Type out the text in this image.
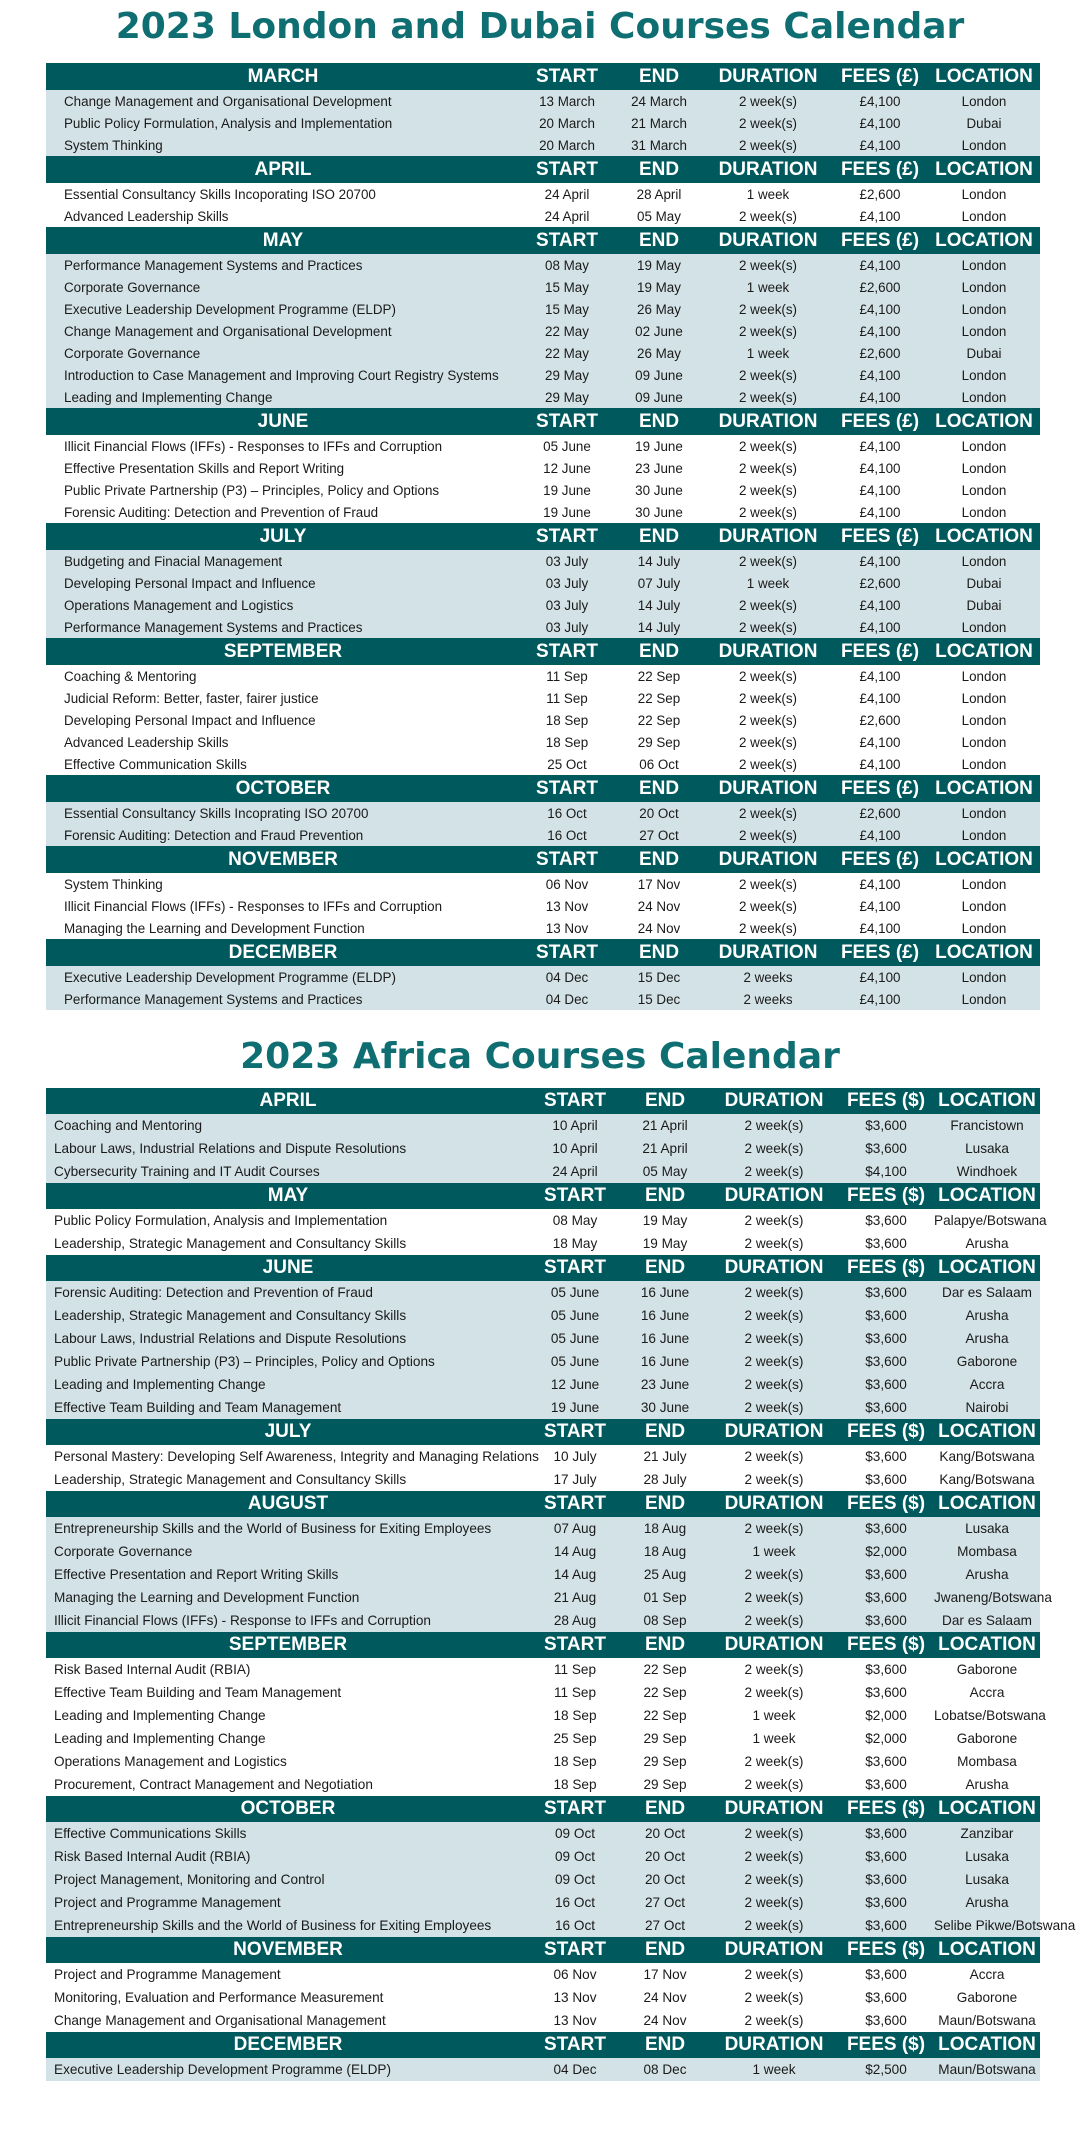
2023 London and Dubai Courses Calendar
MARCH	START	END	DURATION	FEES (£) LOCATION
Change Management and Organisational Development	13 March	24 March	2 week(s)	£4,100	London
Public Policy Formulation, Analysis and Implementation	20 March	21 March	2 week(s)	£4,100	Dubai
System Thinking	20 March	31 March	2 week(s)	£4,100	London
APRIL	START	END	DURATION	FEES (£) LOCATION
Essential Consultancy Skills Incoporating ISO 20700	24 April	28 April	1 week	£2,600	London
Advanced Leadership Skills	24 April	05 May	2 week(s)	£4,100	London
MAY	START	END	DURATION	FEES (£) LOCATION
Performance Management Systems and Practices	08 May	19 May	2 week(s)	£4,100	London
Corporate Governance	15 May	19 May	1 week	£2,600	London
Executive Leadership Development Programme (ELDP)	15 May	26 May	2 week(s)	£4,100	London
Change Management and Organisational Development	22 May	02 June	2 week(s)	£4,100	London
Corporate Governance	22 May	26 May	1 week	£2,600	Dubai
Introduction to Case Management and Improving Court Registry Systems	29 May	09 June	2 week(s)	£4,100	London
Leading and Implementing Change	29 May	09 June	2 week(s)	£4,100	London
JUNE	START	END	DURATION	FEES (£) LOCATION
Illicit Financial Flows (IFFs) - Responses to IFFs and Corruption	05 June	19 June	2 week(s)	£4,100	London
Effective Presentation Skills and Report Writing	12 June	23 June	2 week(s)	£4,100	London
Public Private Partnership (P3) – Principles, Policy and Options	19 June	30 June	2 week(s)	£4,100	London
Forensic Auditing: Detection and Prevention of Fraud	19 June	30 June	2 week(s)	£4,100	London
JULY	START	END	DURATION	FEES (£) LOCATION
Budgeting and Finacial Management	03 July	14 July	2 week(s)	£4,100	London
Developing Personal Impact and Influence	03 July	07 July	1 week	£2,600	Dubai
Operations Management and Logistics	03 July	14 July	2 week(s)	£4,100	Dubai
Performance Management Systems and Practices	03 July	14 July	2 week(s)	£4,100	London
SEPTEMBER	START	END	DURATION	FEES (£) LOCATION
Coaching & Mentoring	11 Sep	22 Sep	2 week(s)	£4,100	London
Judicial Reform: Better, faster, fairer justice	11 Sep	22 Sep	2 week(s)	£4,100	London
Developing Personal Impact and Influence	18 Sep	22 Sep	2 week(s)	£2,600	London
Advanced Leadership Skills	18 Sep	29 Sep	2 week(s)	£4,100	London
Effective Communication Skills	25 Oct	06 Oct	2 week(s)	£4,100	London
OCTOBER	START	END	DURATION	FEES (£) LOCATION
Essential Consultancy Skills Incoprating ISO 20700	16 Oct	20 Oct	2 week(s)	£2,600	London
Forensic Auditing: Detection and Fraud Prevention	16 Oct	27 Oct	2 week(s)	£4,100	London
NOVEMBER	START	END	DURATION	FEES (£) LOCATION
System Thinking	06 Nov	17 Nov	2 week(s)	£4,100	London
Illicit Financial Flows (IFFs) - Responses to IFFs and Corruption	13 Nov	24 Nov	2 week(s)	£4,100	London
Managing the Learning and Development Function	13 Nov	24 Nov	2 week(s)	£4,100	London
DECEMBER	START	END	DURATION	FEES (£) LOCATION
Executive Leadership Development Programme (ELDP)	04 Dec	15 Dec	2 weeks	£4,100	London
Performance Management Systems and Practices	04 Dec	15 Dec	2 weeks	£4,100	London
2023 Africa Courses Calendar
APRIL	START	END	DURATION	FEES ($) LOCATION
Coaching and Mentoring	10 April	21 April	2 week(s)	$3,600	Francistown
Labour Laws, Industrial Relations and Dispute Resolutions	10 April	21 April	2 week(s)	$3,600	Lusaka
Cybersecurity Training and IT Audit Courses	24 April	05 May	2 week(s)	$4,100	Windhoek
MAY	START	END	DURATION	FEES ($) LOCATION
Public Policy Formulation, Analysis and Implementation	08 May	19 May	2 week(s)	$3,600	Palapye/Botswana
Leadership, Strategic Management and Consultancy Skills	18 May	19 May	2 week(s)	$3,600	Arusha
JUNE	START	END	DURATION	FEES ($) LOCATION
Forensic Auditing: Detection and Prevention of Fraud	05 June	16 June	2 week(s)	$3,600	Dar es Salaam
Leadership, Strategic Management and Consultancy Skills	05 June	16 June	2 week(s)	$3,600	Arusha
Labour Laws, Industrial Relations and Dispute Resolutions	05 June	16 June	2 week(s)	$3,600	Arusha
Public Private Partnership (P3) – Principles, Policy and Options	05 June	16 June	2 week(s)	$3,600	Gaborone
Leading and Implementing Change	12 June	23 June	2 week(s)	$3,600	Accra
Effective Team Building and Team Management	19 June	30 June	2 week(s)	$3,600	Nairobi
JULY	START	END	DURATION	FEES ($) LOCATION
Personal Mastery: Developing Self Awareness, Integrity and Managing Relations	10 July	21 July	2 week(s)	$3,600	Kang/Botswana
Leadership, Strategic Management and Consultancy Skills	17 July	28 July	2 week(s)	$3,600	Kang/Botswana
AUGUST	START	END	DURATION	FEES ($) LOCATION
Entrepreneurship Skills and the World of Business for Exiting Employees	07 Aug	18 Aug	2 week(s)	$3,600	Lusaka
Corporate Governance	14 Aug	18 Aug	1 week	$2,000	Mombasa
Effective Presentation and Report Writing Skills	14 Aug	25 Aug	2 week(s)	$3,600	Arusha
Managing the Learning and Development Function	21 Aug	01 Sep	2 week(s)	$3,600	Jwaneng/Botswana
Illicit Financial Flows (IFFs) - Response to IFFs and Corruption	28 Aug	08 Sep	2 week(s)	$3,600	Dar es Salaam
SEPTEMBER	START	END	DURATION	FEES ($) LOCATION
Risk Based Internal Audit (RBIA)	11 Sep	22 Sep	2 week(s)	$3,600	Gaborone
Effective Team Building and Team Management	11 Sep	22 Sep	2 week(s)	$3,600	Accra
Leading and Implementing Change	18 Sep	22 Sep	1 week	$2,000	Lobatse/Botswana
Leading and Implementing Change	25 Sep	29 Sep	1 week	$2,000	Gaborone
Operations Management and Logistics	18 Sep	29 Sep	2 week(s)	$3,600	Mombasa
Procurement, Contract Management and Negotiation	18 Sep	29 Sep	2 week(s)	$3,600	Arusha
OCTOBER	START	END	DURATION	FEES ($) LOCATION
Effective Communications Skills	09 Oct	20 Oct	2 week(s)	$3,600	Zanzibar
Risk Based Internal Audit (RBIA)	09 Oct	20 Oct	2 week(s)	$3,600	Lusaka
Project Management, Monitoring and Control	09 Oct	20 Oct	2 week(s)	$3,600	Lusaka
Project and Programme Management	16 Oct	27 Oct	2 week(s)	$3,600	Arusha
Entrepreneurship Skills and the World of Business for Exiting Employees	16 Oct	27 Oct	2 week(s)	$3,600	Selibe Pikwe/Botswana
NOVEMBER	START	END	DURATION	FEES ($) LOCATION
Project and Programme Management	06 Nov	17 Nov	2 week(s)	$3,600	Accra
Monitoring, Evaluation and Performance Measurement	13 Nov	24 Nov	2 week(s)	$3,600	Gaborone
Change Management and Organisational Management	13 Nov	24 Nov	2 week(s)	$3,600	Maun/Botswana
DECEMBER	START	END	DURATION	FEES ($) LOCATION
Executive Leadership Development Programme (ELDP)	04 Dec	08 Dec	1 week	$2,500	Maun/Botswana
